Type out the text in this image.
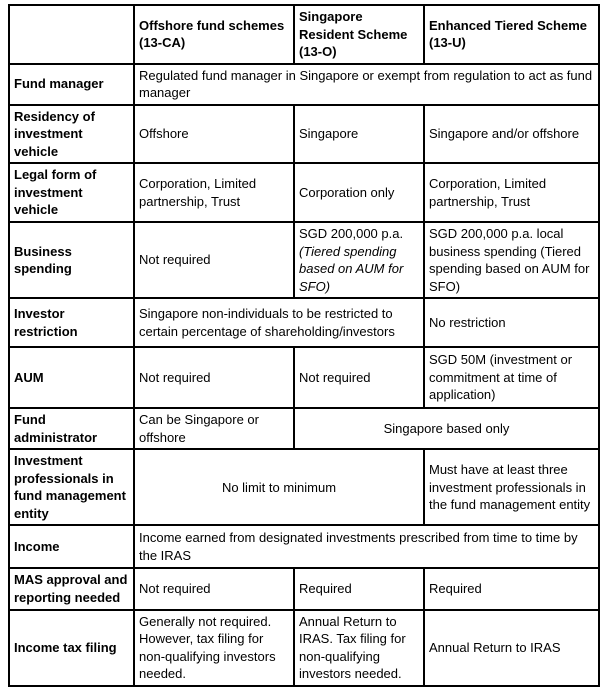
	Offshore fund schemes (13-CA)	Singapore Resident Scheme (13-O)	Enhanced Tiered Scheme (13-U)
Fund manager	Regulated fund manager in Singapore or exempt from regulation to act as fund manager		
Residency of investment vehicle	Offshore	Singapore	Singapore and/or offshore
Legal form of investment vehicle	Corporation, Limited partnership, Trust	Corporation only	Corporation, Limited partnership, Trust
Business spending	Not required	SGD 200,000 p.a. (Tiered spending based on AUM for SFO)	SGD 200,000 p.a. local business spending (Tiered spending based on AUM for SFO)
Investor restriction	Singapore non-individuals to be restricted to certain percentage of shareholding/investors		No restriction
AUM	Not required	Not required	SGD 50M (investment or commitment at time of application)
Fund administrator	Can be Singapore or offshore	Singapore based only	
Investment professionals in fund management entity	No limit to minimum		Must have at least three investment professionals in the fund management entity
Income	Income earned from designated investments prescribed from time to time by the IRAS		
MAS approval and reporting needed	Not required	Required	Required
Income tax filing	Generally not required. However, tax filing for non-qualifying investors needed.	Annual Return to IRAS. Tax filing for non-qualifying investors needed.	Annual Return to IRAS
